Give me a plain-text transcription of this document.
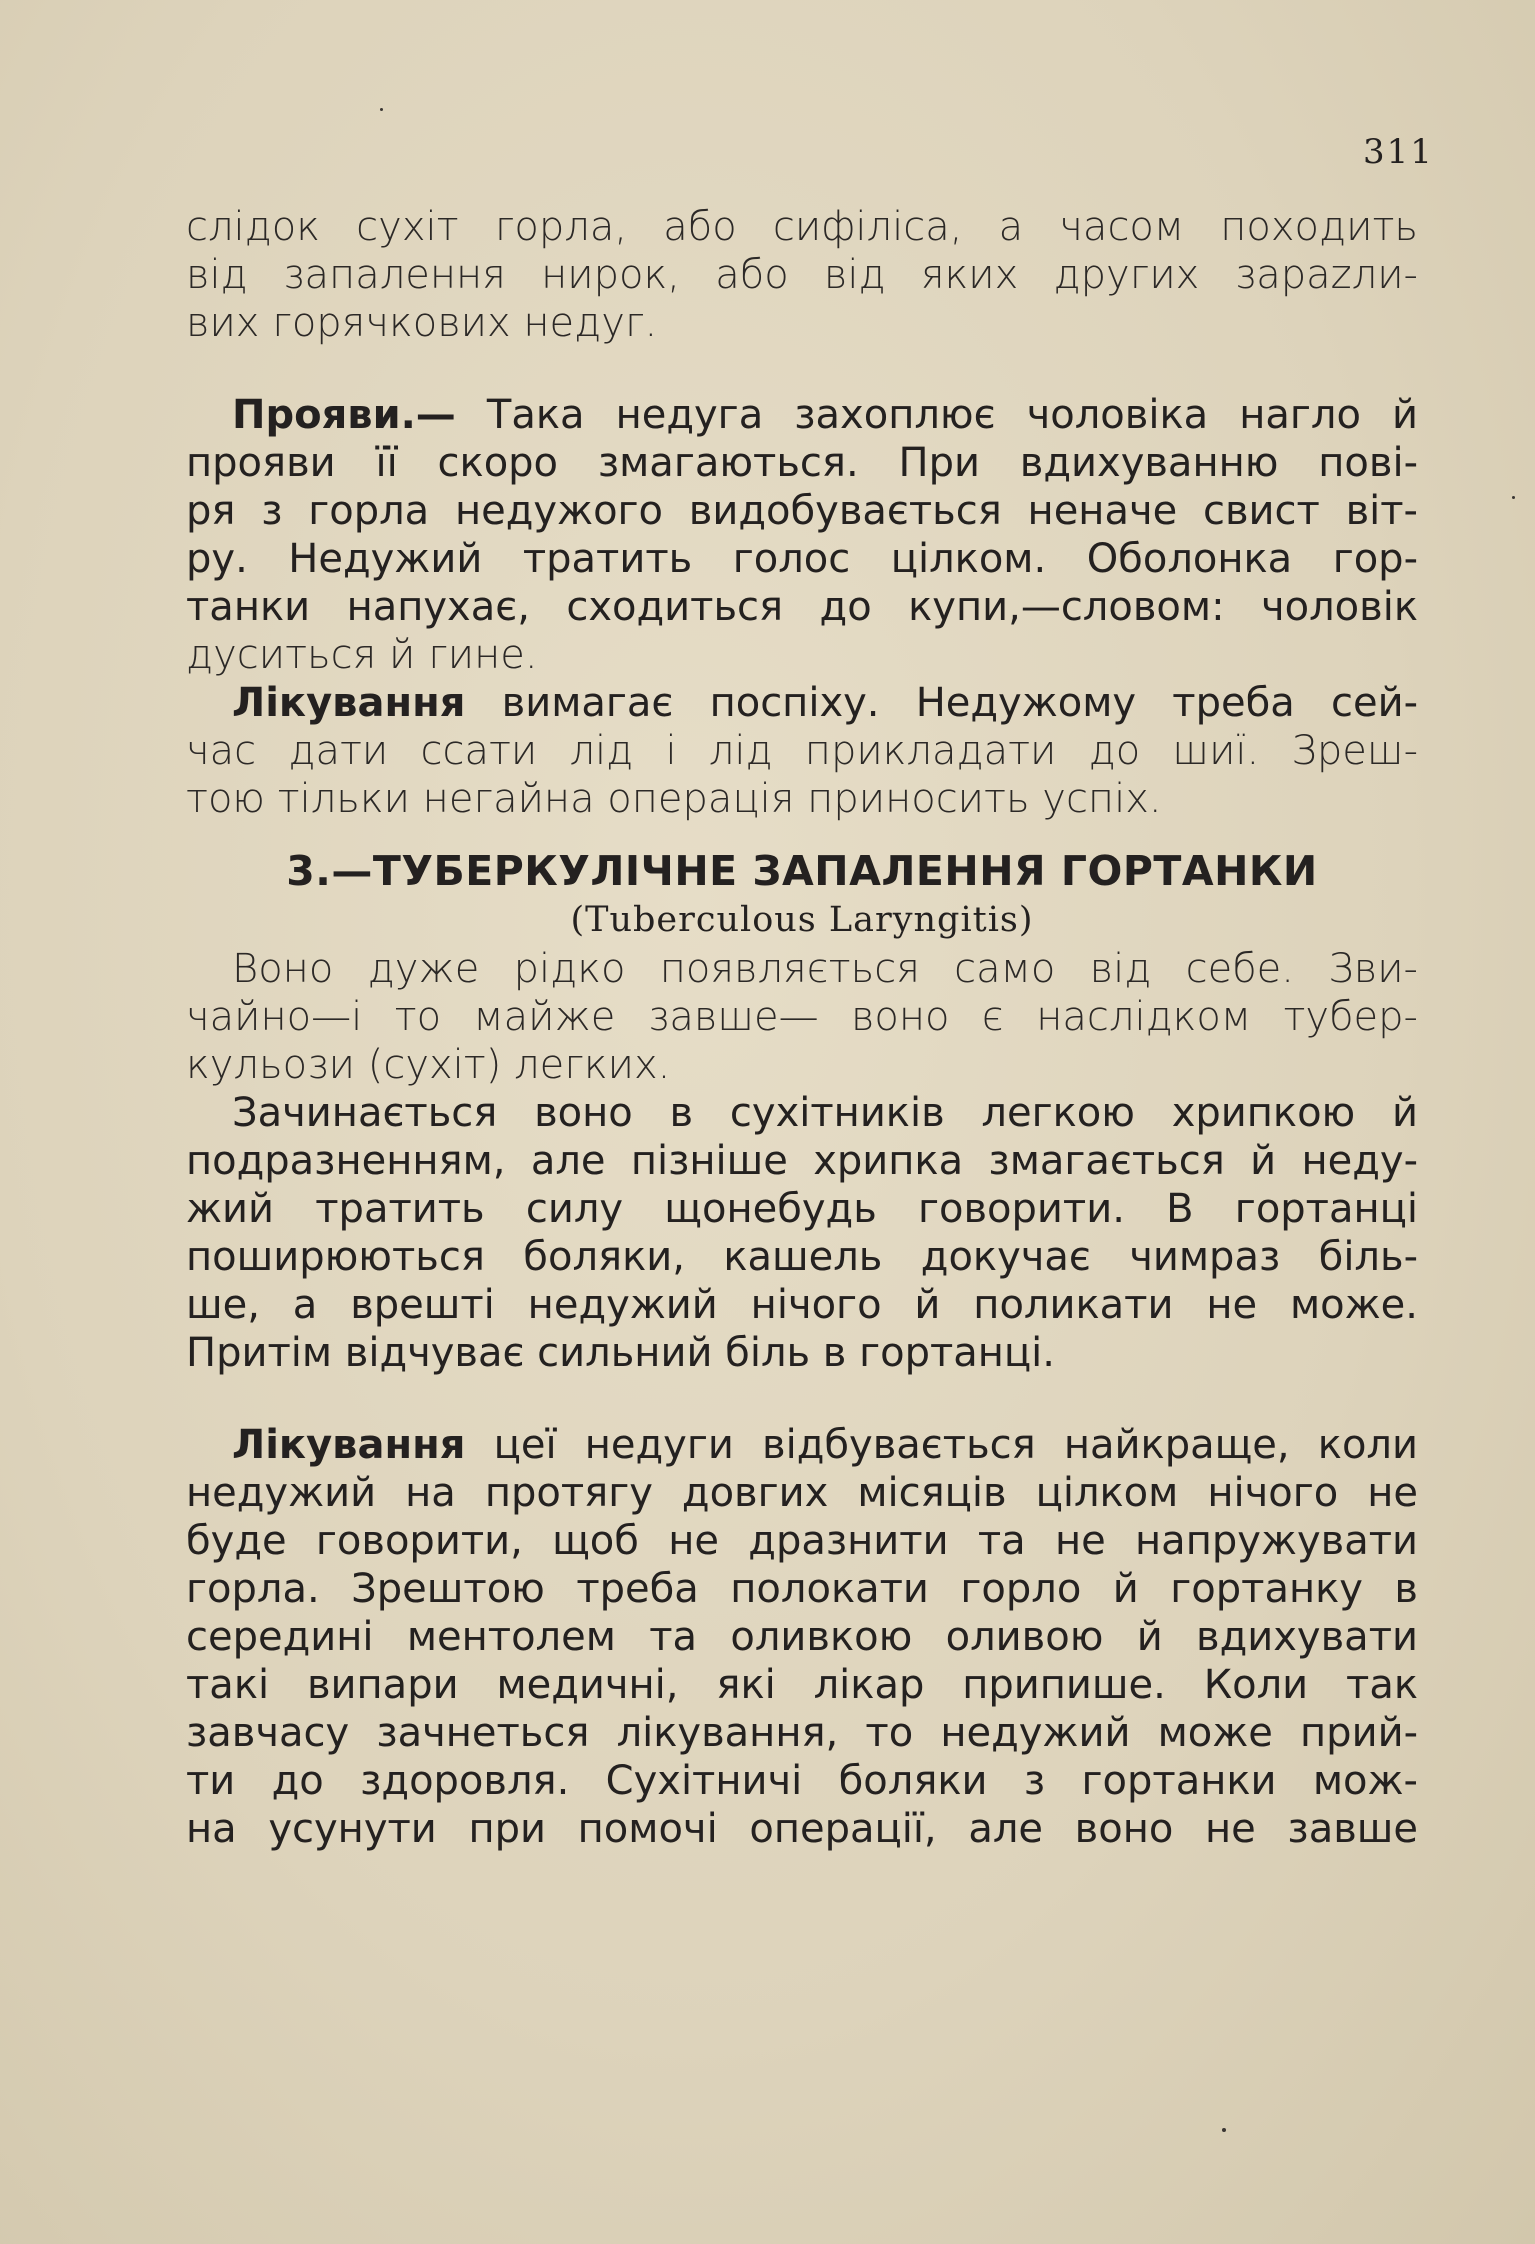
311
слідок сухіт горла, або сифіліса, а часом походить
від запалення нирок, або від яких других зарazли-
вих горячкових недуг.
Прояви.— Така недуга захоплює чоловіка нагло й
прояви її скоро змагаються. При вдихуванню пові-
ря з горла недужого видобувається неначе свист віт-
ру. Недужий тратить голос цілком. Оболонка гор-
танки напухає, сходиться до купи,—словом: чоловік
дуситься й гине.
Лікування вимагає поспіху. Недужому треба сей-
час дати ссати лід і лід прикладати до шиї. Зреш-
тою тільки негайна операція приносить успіх.
3.—ТУБЕРКУЛІЧНЕ ЗАПАЛЕННЯ ГОРТАНКИ
(Tuberculous Laryngitis)
Воно дуже рідко появляється само від себе. Зви-
чайно—і то майже завше— воно є наслідком тубер-
кульози (сухіт) легких.
Зачинається воно в сухітників легкою хрипкою й
подразненням, але пізніше хрипка змагається й неду-
жий тратить силу щонебудь говорити. В гортанці
поширюються боляки, кашель докучає чимраз біль-
ше, а врешті недужий нічого й поликати не може.
Притім відчуває сильний біль в гортанці.
Лікування цеї недуги відбувається найкраще, коли
недужий на протягу довгих місяців цілком нічого не
буде говорити, щоб не дразнити та не напружувати
горла. Зрештою треба полокати горло й гортанку в
середині ментолем та оливкою оливою й вдихувати
такі випари медичні, які лікар припише. Коли так
завчасу зачнеться лікування, то недужий може прий-
ти до здоровля. Сухітничі боляки з гортанки мож-
на усунути при помочі операції, але воно не завше
